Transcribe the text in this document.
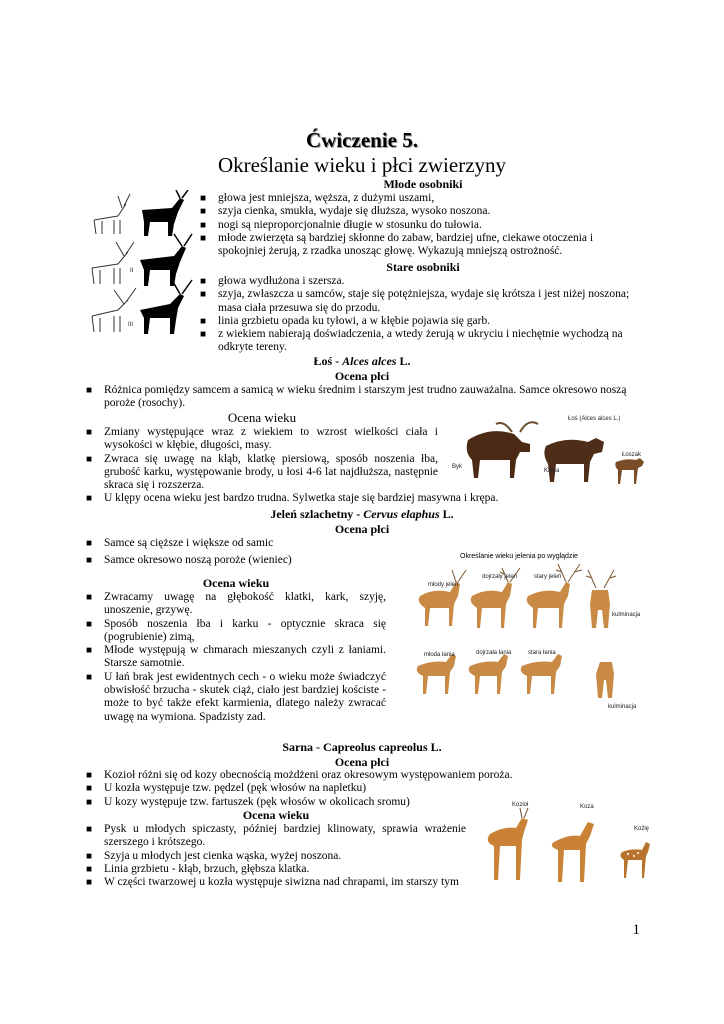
Ćwiczenie 5.
Określanie wieku i płci zwierzyny
Młode osobniki
■ głowa jest mniejsza, węższa, z dużymi uszami,
■ szyja cienka, smukła, wydaje się dłuższa, wysoko noszona.
■ nogi są nieproporcjonalnie długie w stosunku do tułowia.
■ młode zwierzęta są bardziej skłonne do zabaw, bardziej ufne, ciekawe otoczenia i spokojniej żerują, z rzadka unosząc głowę. Wykazują mniejszą ostrożność.
Stare osobniki
■ głowa wydłużona i szersza.
■ szyja, zwłaszcza u samców, staje się potężniejsza, wydaje się krótsza i jest niżej noszona; masa ciała przesuwa się do przodu.
■ linia grzbietu opada ku tyłowi, a w kłębie pojawia się garb.
■ z wiekiem nabierają doświadczenia, a wtedy żerują w ukryciu i niechętnie wychodzą na odkryte tereny.
II
III
Łoś - Alces alces L.
Ocena płci
■ Różnica pomiędzy samcem a samicą w wieku średnim i starszym jest trudno zauważalna. Samce okresowo noszą poroże (rosochy).
Ocena wieku
■ Zmiany występujące wraz z wiekiem to wzrost wielkości ciała i wysokości w kłębie, długości, masy.
■ Zwraca się uwagę na kłąb, klatkę piersiową, sposób noszenia łba, grubość karku, występowanie brody, u łosi 4-6 lat najdłuższa, następnie skraca się i rozszerza.
■ U klępy ocena wieku jest bardzo trudna. Sylwetka staje się bardziej masywna i krępa.
Łoś (Alces alces L.)
Byk
Klępa
Łoszak
Jeleń szlachetny - Cervus elaphus L.
Ocena płci
■ Samce są cięższe i większe od samic
■ Samce okresowo noszą poroże (wieniec)
Ocena wieku
■ Zwracamy uwagę na głębokość klatki, kark, szyję, unoszenie, grzywę.
■ Sposób noszenia łba i karku - optycznie skraca się (pogrubienie) zimą,
■ Młode występują w chmarach mieszanych czyli z łaniami. Starsze samotnie.
■ U łań brak jest ewidentnych cech - o wieku może świadczyć obwisłość brzucha - skutek ciąż, ciało jest bardziej kościste - może to być także efekt karmienia, dlatego należy zwracać uwagę na wymiona. Spadzisty zad.
Określanie wieku jelenia po wyglądzie
młody jeleń
dojrzały jeleń	stary jeleń
kulminacja
młoda łania	dojrzała łania	stara łania
kulminacja
Sarna - Capreolus capreolus L.
Ocena płci
■ Kozioł różni się od kozy obecnością możdżeni oraz okresowym występowaniem poroża.
■ U kozła występuje tzw. pędzel (pęk włosów na napletku)
■ U kozy występuje tzw. fartuszek (pęk włosów w okolicach sromu)
Ocena wieku
■ Pysk u młodych spiczasty, później bardziej klinowaty, sprawia wrażenie szerszego i krótszego.
■ Szyja u młodych jest cienka wąska, wyżej noszona.
■ Linia grzbietu - kłąb, brzuch, głębsza klatka.
■ W części twarzowej u kozła występuje siwizna nad chrapami, im starszy tym
Kozioł	Koza
Koźlę
1
